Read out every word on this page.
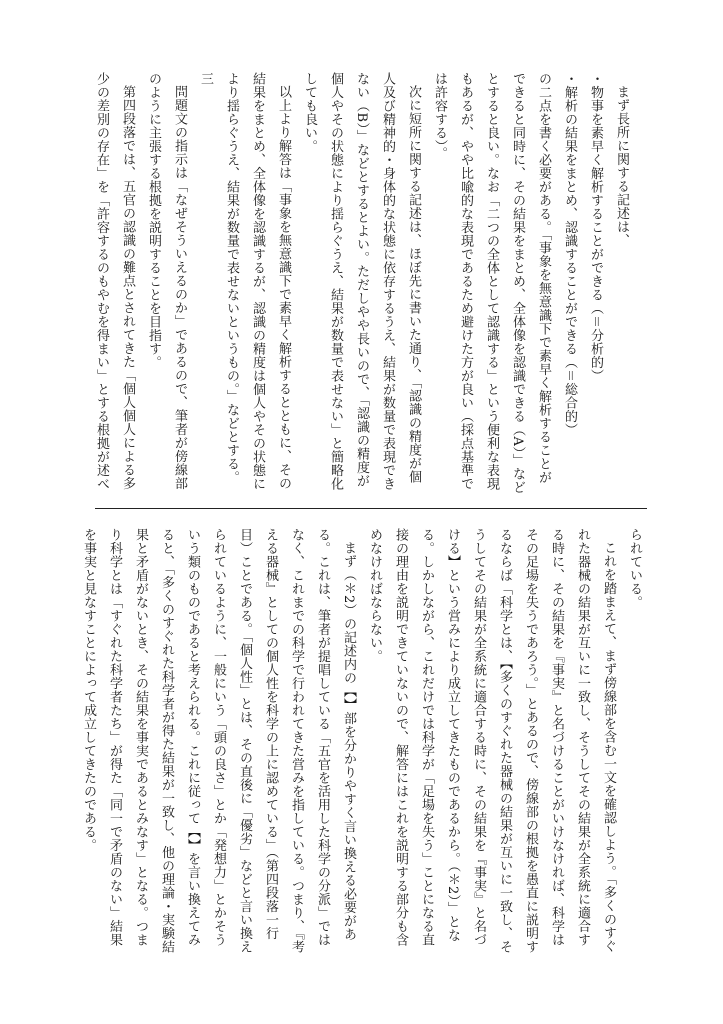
まず長所に関する記述は、

・物事を素早く解析することができる（＝分析的）

・解析の結果をまとめ、認識することができる（＝総合的）

の二点を書く必要がある。「事象を無意識下で素早く解析することができると同時に、その結果をまとめ、全体像を認識できる（A）」などとすると良い。なお「二つの全体として認識する」という便利な表現もあるが、やや比喩的な表現であるため避けた方が良い（採点基準では許容する）。

次に短所に関する記述は、ほぼ先に書いた通り、「認識の精度が個人及び精神的・身体的な状態に依存するうえ、結果が数量で表現できない（B）」などとするとよい。ただしやや長いので、「認識の精度が個人やその状態により揺らぐうえ、結果が数量で表せない」と簡略化しても良い。

以上より解答は「事象を無意識下で素早く解析するとともに、その結果をまとめ、全体像を認識するが、認識の精度は個人やその状態により揺らぐうえ、結果が数量で表せないというもの。」などとする。

三

問題文の指示は「なぜそういえるのか」であるので、筆者が傍線部のように主張する根拠を説明することを目指す。

第四段落では、五官の認識の難点とされてきた「個人個人による多少の差別の存在」を「許容するのもやむを得まい」とする根拠が述べ

られている。

これを踏まえて、まず傍線部を含む一文を確認しよう。「多くのすぐれた器械の結果が互いに一致し、そうしてその結果が全系統に適合する時に、その結果を『事実』と名づけることがいけなければ、科学はその足場を失うであろう。」とあるので、傍線部の根拠を愚直に説明するならば「科学とは、【多くのすぐれた器械の結果が互いに一致し、そうしてその結果が全系統に適合する時に、その結果を『事実』と名づける】という営みにより成立してきたものであるから。（＊2）」となる。しかしながら、これだけでは科学が「足場を失う」ことになる直接の理由を説明できていないので、解答にはこれを説明する部分も含めなければならない。

まず（＊2）の記述内の【】部を分かりやすく言い換える必要がある。これは、筆者が提唱している「五官を活用した科学の分派」ではなく、これまでの科学で行われてきた営みを指している。つまり、『考える器械』としての個人性を科学の上に認めている」（第四段落一行目）ことである。「個人性」とは、その直後に「優劣」などと言い換えられているように、一般にいう「頭の良さ」とか「発想力」とかそういう類のものであると考えられる。これに従って【】を言い換えてみると、「多くのすぐれた科学者が得た結果が一致し、他の理論・実験結果と矛盾がないとき、その結果を事実であるとみなす」となる。つまり科学とは「すぐれた科学者たち」が得た「同一で矛盾のない」結果を事実と見なすことによって成立してきたのである。
